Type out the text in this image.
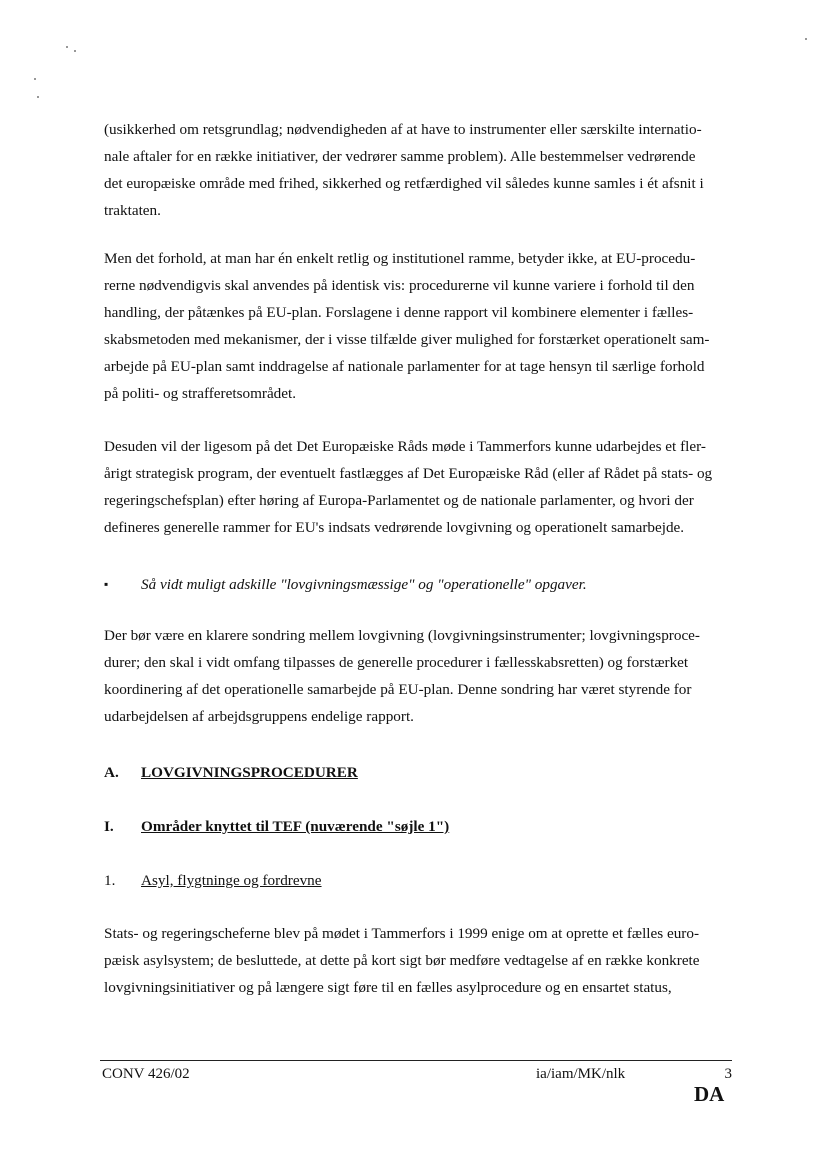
(usikkerhed om retsgrundlag; nødvendigheden af at have to instrumenter eller særskilte internatio-
nale aftaler for en række initiativer, der vedrører samme problem). Alle bestemmelser vedrørende
det europæiske område med frihed, sikkerhed og retfærdighed vil således kunne samles i ét afsnit i
traktaten.
Men det forhold, at man har én enkelt retlig og institutionel ramme, betyder ikke, at EU-procedu-
rerne nødvendigvis skal anvendes på identisk vis: procedurerne vil kunne variere i forhold til den
handling, der påtænkes på EU-plan. Forslagene i denne rapport vil kombinere elementer i fælles-
skabsmetoden med mekanismer, der i visse tilfælde giver mulighed for forstærket operationelt sam-
arbejde på EU-plan samt inddragelse af nationale parlamenter for at tage hensyn til særlige forhold
på politi- og strafferetsområdet.
Desuden vil der ligesom på det Det Europæiske Råds møde i Tammerfors kunne udarbejdes et fler-
årigt strategisk program, der eventuelt fastlægges af Det Europæiske Råd (eller af Rådet på stats- og
regeringschefsplan) efter høring af Europa-Parlamentet og de nationale parlamenter, og hvori der
defineres generelle rammer for EU's indsats vedrørende lovgivning og operationelt samarbejde.
▪ Så vidt muligt adskille "lovgivningsmæssige" og "operationelle" opgaver.
Der bør være en klarere sondring mellem lovgivning (lovgivningsinstrumenter; lovgivningsproce-
durer; den skal i vidt omfang tilpasses de generelle procedurer i fællesskabsretten) og forstærket
koordinering af det operationelle samarbejde på EU-plan. Denne sondring har været styrende for
udarbejdelsen af arbejdsgruppens endelige rapport.
A. LOVGIVNINGSPROCEDURER
I. Områder knyttet til TEF (nuværende "søjle 1")
1. Asyl, flygtninge og fordrevne
Stats- og regeringscheferne blev på mødet i Tammerfors i 1999 enige om at oprette et fælles euro-
pæisk asylsystem; de besluttede, at dette på kort sigt bør medføre vedtagelse af en række konkrete
lovgivningsinitiativer og på længere sigt føre til en fælles asylprocedure og en ensartet status,
CONV 426/02	ia/iam/MK/nlk	3
DA
